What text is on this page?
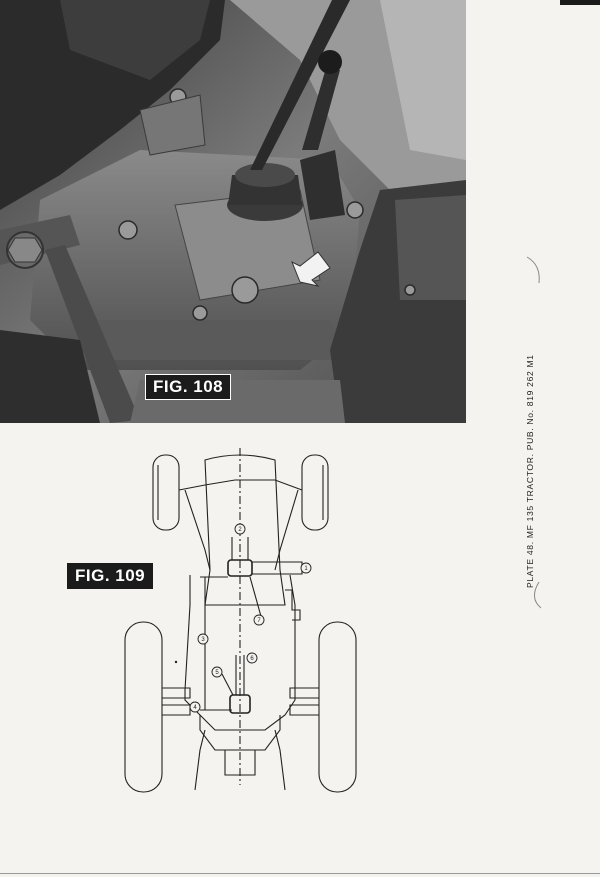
FIG. 108	PLATE 48. MF 135 TRACTOR. PUB. No. 819 262 M1
FIG. 109	1
2
3
4
5
6
7
